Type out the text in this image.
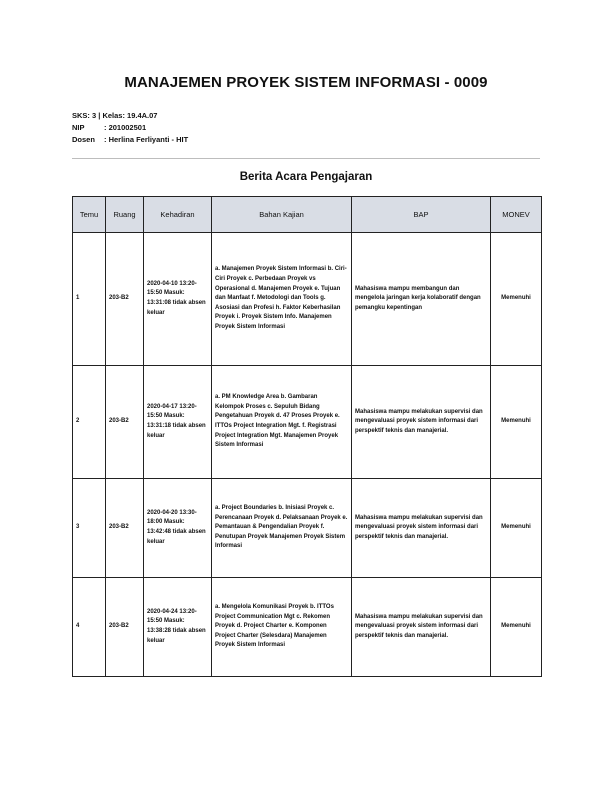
MANAJEMEN PROYEK SISTEM INFORMASI - 0009
SKS: 3 | Kelas: 19.4A.07
NIP	: 201002501
Dosen	: Herlina Ferliyanti - HIT
Berita Acara Pengajaran
Temu	Ruang	Kehadiran	Bahan Kajian	BAP	MONEV
1	203-B2	2020-04-10 13:20-15:50 Masuk: 13:31:08 tidak absen keluar	a. Manajemen Proyek Sistem Informasi b. Ciri-Ciri Proyek c. Perbedaan Proyek vs Operasional d. Manajemen Proyek e. Tujuan dan Manfaat f. Metodologi dan Tools g. Asosiasi dan Profesi h. Faktor Keberhasilan Proyek i. Proyek Sistem Info. Manajemen Proyek Sistem Informasi	Mahasiswa mampu membangun dan mengelola jaringan kerja kolaboratif dengan pemangku kepentingan	Memenuhi
2	203-B2	2020-04-17 13:20-15:50 Masuk: 13:31:18 tidak absen keluar	a. PM Knowledge Area b. Gambaran Kelompok Proses c. Sepuluh Bidang Pengetahuan Proyek d. 47 Proses Proyek e. ITTOs Project Integration Mgt. f. Registrasi Project Integration Mgt. Manajemen Proyek Sistem Informasi	Mahasiswa mampu melakukan supervisi dan mengevaluasi proyek sistem informasi dari perspektif teknis dan manajerial.	Memenuhi
3	203-B2	2020-04-20 13:30-18:00 Masuk: 13:42:48 tidak absen keluar	a. Project Boundaries b. Inisiasi Proyek c. Perencanaan Proyek d. Pelaksanaan Proyek e. Pemantauan & Pengendalian Proyek f. Penutupan Proyek Manajemen Proyek Sistem Informasi	Mahasiswa mampu melakukan supervisi dan mengevaluasi proyek sistem informasi dari perspektif teknis dan manajerial.	Memenuhi
4	203-B2	2020-04-24 13:20-15:50 Masuk: 13:38:28 tidak absen keluar	a. Mengelola Komunikasi Proyek b. ITTOs Project Communication Mgt c. Rekomen Proyek d. Project Charter e. Komponen Project Charter (Selesdara) Manajemen Proyek Sistem Informasi	Mahasiswa mampu melakukan supervisi dan mengevaluasi proyek sistem informasi dari perspektif teknis dan manajerial.	Memenuhi
